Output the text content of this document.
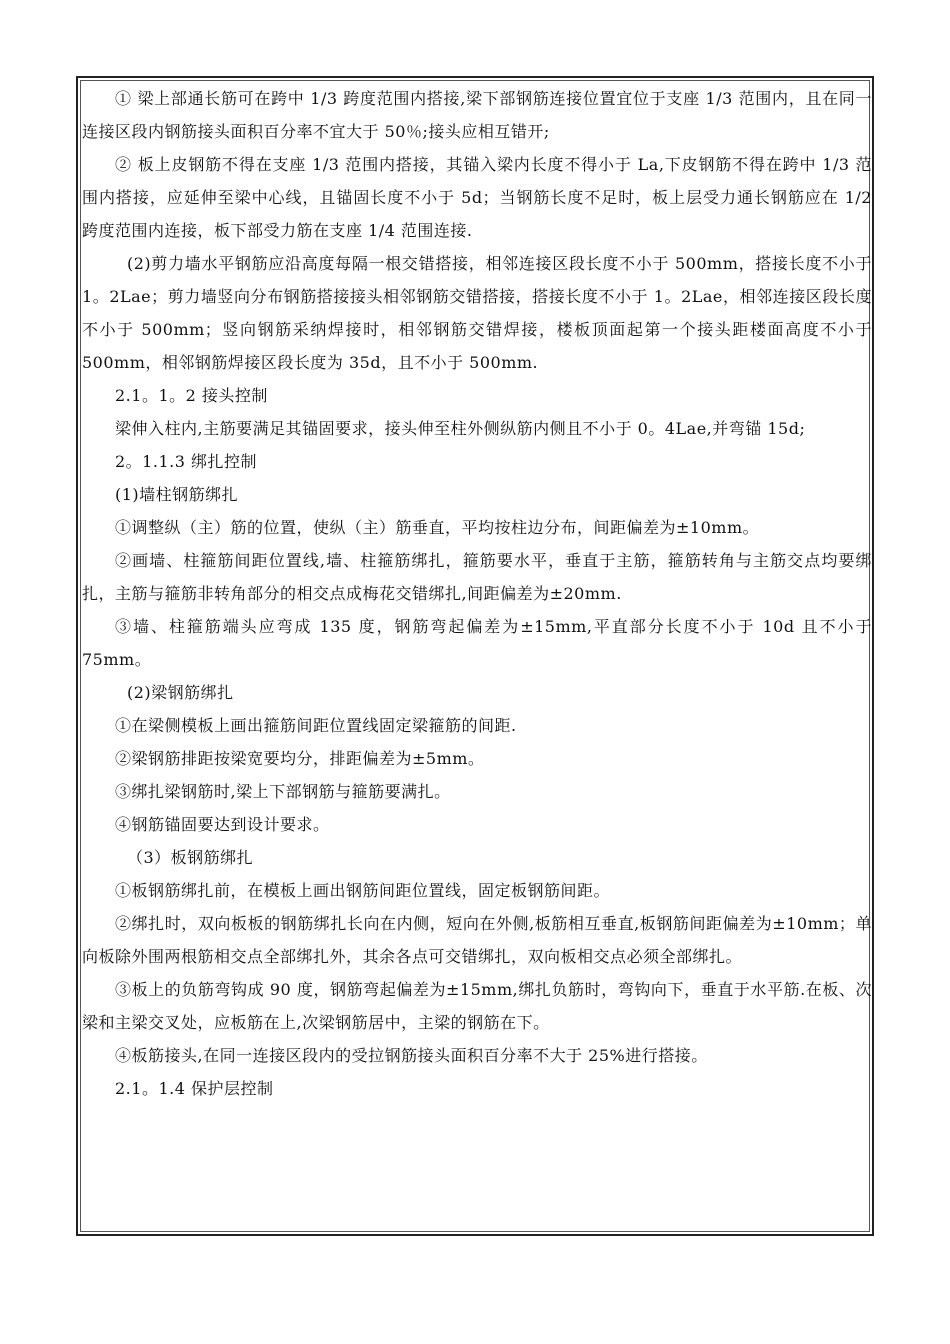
① 梁上部通长筋可在跨中 1/3 跨度范围内搭接,梁下部钢筋连接位置宜位于支座 1/3 范围内，且在同一连接区段内钢筋接头面积百分率不宜大于 50％;接头应相互错开;

② 板上皮钢筋不得在支座 1/3 范围内搭接，其锚入梁内长度不得小于 La,下皮钢筋不得在跨中 1/3 范围内搭接，应延伸至梁中心线，且锚固长度不小于 5d；当钢筋长度不足时，板上层受力通长钢筋应在 1/2 跨度范围内连接，板下部受力筋在支座 1/4 范围连接.

(2)剪力墙水平钢筋应沿高度每隔一根交错搭接，相邻连接区段长度不小于 500mm，搭接长度不小于 1。2Lae；剪力墙竖向分布钢筋搭接接头相邻钢筋交错搭接，搭接长度不小于 1。2Lae，相邻连接区段长度不小于 500mm；竖向钢筋采纳焊接时，相邻钢筋交错焊接，楼板顶面起第一个接头距楼面高度不小于 500mm，相邻钢筋焊接区段长度为 35d，且不小于 500mm.

2.1。1。2 接头控制

梁伸入柱内,主筋要满足其锚固要求，接头伸至柱外侧纵筋内侧且不小于 0。4Lae,并弯锚 15d;

2。1.1.3 绑扎控制

(1)墙柱钢筋绑扎

①调整纵（主）筋的位置，使纵（主）筋垂直，平均按柱边分布，间距偏差为±10mm。

②画墙、柱箍筋间距位置线,墙、柱箍筋绑扎，箍筋要水平，垂直于主筋，箍筋转角与主筋交点均要绑扎，主筋与箍筋非转角部分的相交点成梅花交错绑扎,间距偏差为±20mm.

③墙、柱箍筋端头应弯成 135 度，钢筋弯起偏差为±15mm,平直部分长度不小于 10d 且不小于 75mm。

(2)梁钢筋绑扎

①在梁侧模板上画出箍筋间距位置线固定梁箍筋的间距.

②梁钢筋排距按梁宽要均分，排距偏差为±5mm。

③绑扎梁钢筋时,梁上下部钢筋与箍筋要满扎。

④钢筋锚固要达到设计要求。

（3）板钢筋绑扎

①板钢筋绑扎前，在模板上画出钢筋间距位置线，固定板钢筋间距。

②绑扎时，双向板板的钢筋绑扎长向在内侧，短向在外侧,板筋相互垂直,板钢筋间距偏差为±10mm；单向板除外围两根筋相交点全部绑扎外，其余各点可交错绑扎，双向板相交点必须全部绑扎。

③板上的负筋弯钩成 90 度，钢筋弯起偏差为±15mm,绑扎负筋时，弯钩向下，垂直于水平筋.在板、次梁和主梁交叉处，应板筋在上,次梁钢筋居中，主梁的钢筋在下。

④板筋接头,在同一连接区段内的受拉钢筋接头面积百分率不大于 25%进行搭接。

2.1。1.4 保护层控制
